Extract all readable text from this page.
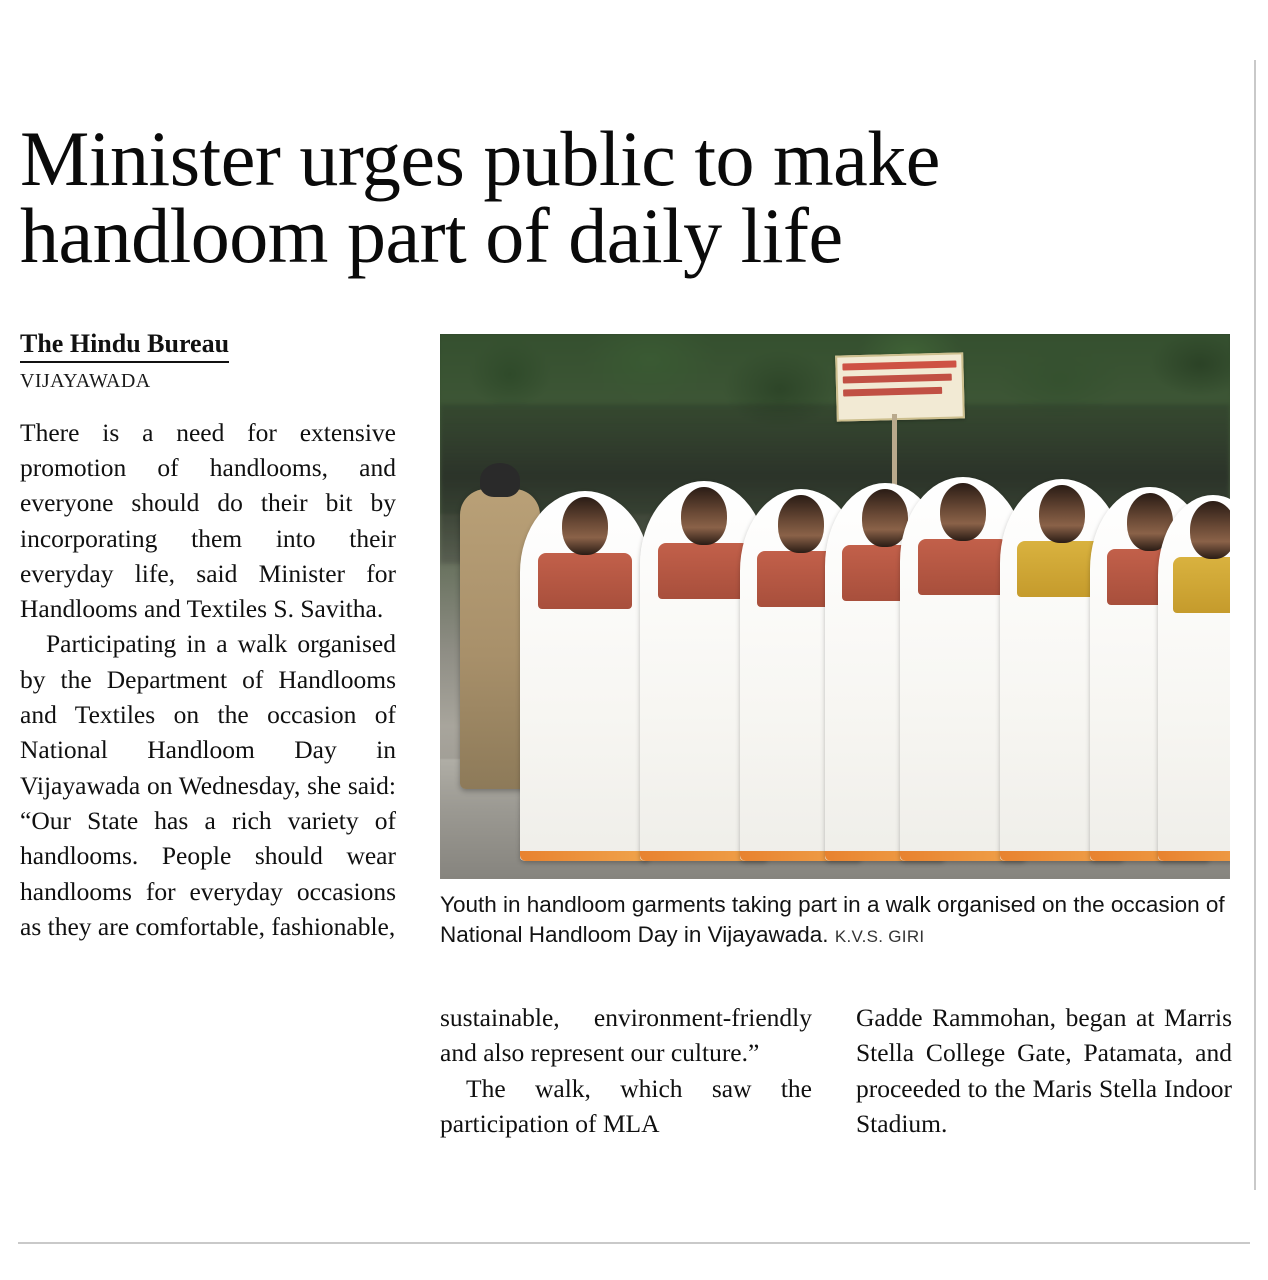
Minister urges public to make handloom part of daily life
The Hindu Bureau
VIJAYAWADA

There is a need for extensive promotion of handlooms, and everyone should do their bit by incorporating them into their everyday life, said Minister for Handlooms and Textiles S. Savitha.

Participating in a walk organised by the Department of Handlooms and Textiles on the occasion of National Handloom Day in Vijayawada on Wednesday, she said: “Our State has a rich variety of handlooms. People should wear handlooms for everyday occasions as they are comfortable, fashionable,

Youth in handloom garments taking part in a walk organised on the occasion of National Handloom Day in Vijayawada. K.V.S. GIRI

sustainable, environment-friendly and also represent our culture.”

The walk, which saw the participation of MLA

Gadde Rammohan, began at Marris Stella College Gate, Patamata, and proceeded to the Maris Stella Indoor Stadium.
